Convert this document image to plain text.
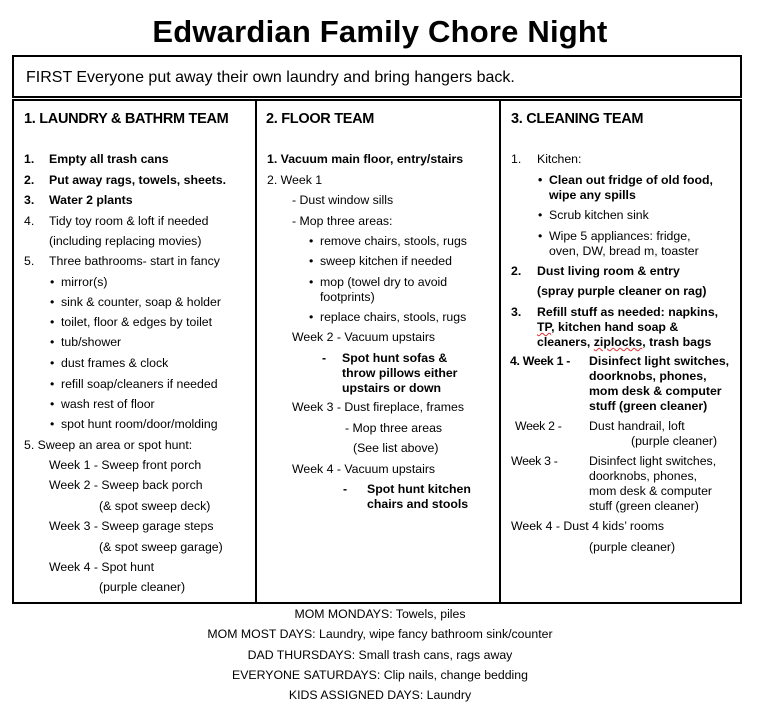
Edwardian Family Chore Night
FIRST Everyone put away their own laundry and bring hangers back.
1. LAUNDRY & BATHRM TEAM
1. Empty all trash cans
2. Put away rags, towels, sheets.
3. Water 2 plants
4. Tidy toy room & loft if needed
(including replacing movies)
5. Three bathrooms- start in fancy
• mirror(s)
• sink & counter, soap & holder
• toilet, floor & edges by toilet
• tub/shower
• dust frames & clock
• refill soap/cleaners if needed
• wash rest of floor
• spot hunt room/door/molding
5. Sweep an area or spot hunt:
Week 1 - Sweep front porch
Week 2 - Sweep back porch
(& spot sweep deck)
Week 3 - Sweep garage steps
(& spot sweep garage)
Week 4 - Spot hunt
(purple cleaner)
2. FLOOR TEAM
1. Vacuum main floor, entry/stairs
2. Week 1
- Dust window sills
- Mop three areas:
• remove chairs, stools, rugs
• sweep kitchen if needed
• mop (towel dry to avoid
footprints)
• replace chairs, stools, rugs
Week 2 - Vacuum upstairs
- Spot hunt sofas &
throw pillows either
upstairs or down
Week 3 - Dust fireplace, frames
- Mop three areas
(See list above)
Week 4 - Vacuum upstairs
- Spot hunt kitchen
chairs and stools
3. CLEANING TEAM
1. Kitchen:
• Clean out fridge of old food,
wipe any spills
• Scrub kitchen sink
• Wipe 5 appliances: fridge,
oven, DW, bread m, toaster
2. Dust living room & entry
(spray purple cleaner on rag)
3. Refill stuff as needed: napkins,
TP, kitchen hand soap &
cleaners, ziplocks, trash bags
4. Week 1 - Disinfect light switches,
doorknobs, phones,
mom desk & computer
stuff (green cleaner)
Week 2 - Dust handrail, loft
(purple cleaner)
Week 3 -	Disinfect light switches,
doorknobs, phones,
mom desk & computer
stuff (green cleaner)
Week 4 - Dust 4 kids’ rooms
(purple cleaner)
MOM MONDAYS: Towels, piles
MOM MOST DAYS: Laundry, wipe fancy bathroom sink/counter
DAD THURSDAYS: Small trash cans, rags away
EVERYONE SATURDAYS: Clip nails, change bedding
KIDS ASSIGNED DAYS: Laundry
